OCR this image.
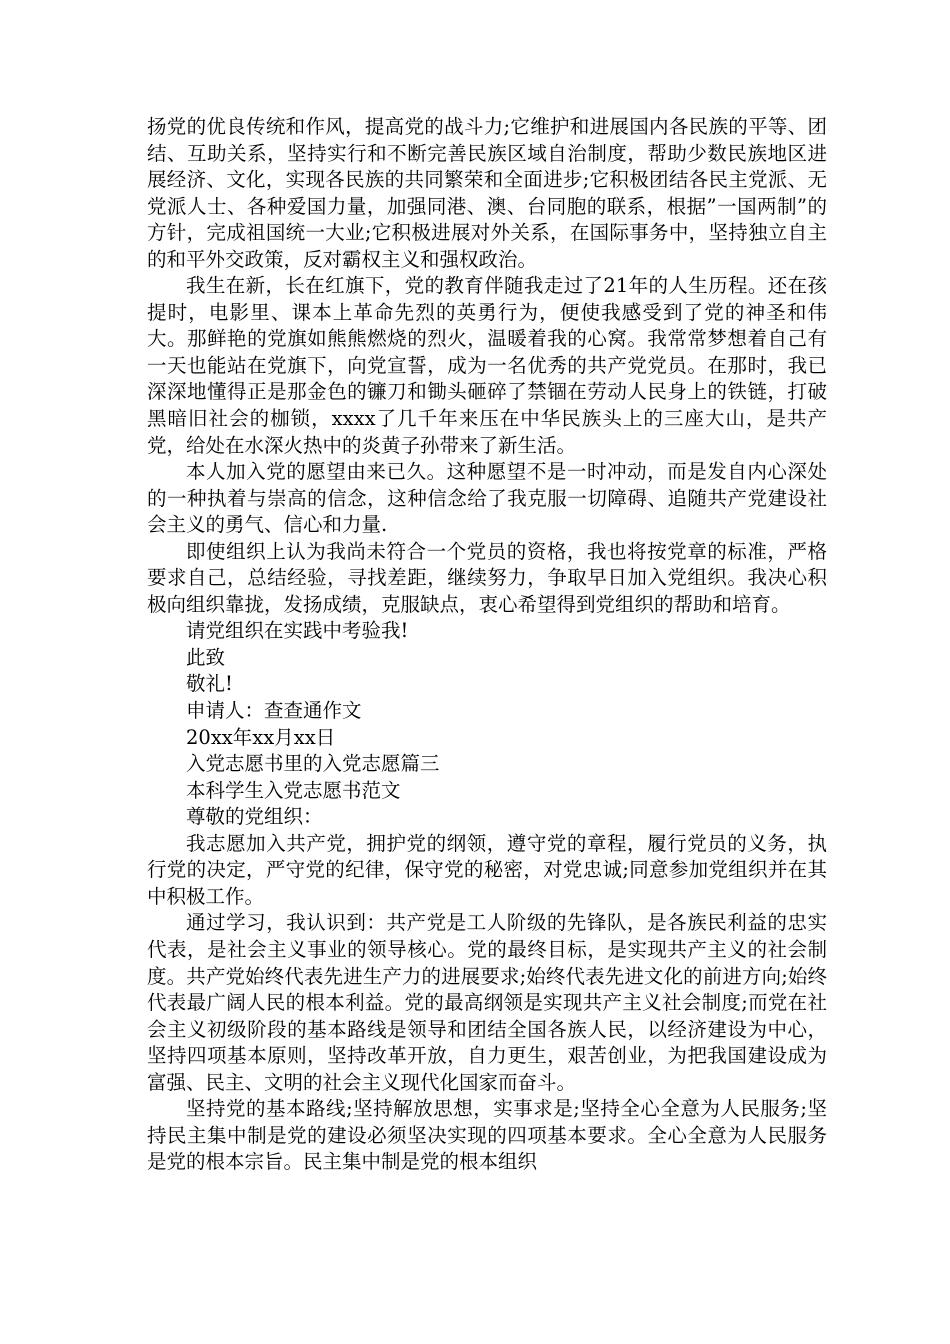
扬党的优良传统和作风，提高党的战斗力;它维护和进展国内各民族的平等、团结、互助关系，坚持实行和不断完善民族区域自治制度，帮助少数民族地区进展经济、文化，实现各民族的共同繁荣和全面进步;它积极团结各民主党派、无党派人士、各种爱国力量，加强同港、澳、台同胞的联系，根据”一国两制”的方针，完成祖国统一大业;它积极进展对外关系，在国际事务中，坚持独立自主的和平外交政策，反对霸权主义和强权政治。

我生在新，长在红旗下，党的教育伴随我走过了21年的人生历程。还在孩提时，电影里、课本上革命先烈的英勇行为，便使我感受到了党的神圣和伟大。那鲜艳的党旗如熊熊燃烧的烈火，温暖着我的心窝。我常常梦想着自己有一天也能站在党旗下，向党宣誓，成为一名优秀的共产党党员。在那时，我已深深地懂得正是那金色的镰刀和锄头砸碎了禁锢在劳动人民身上的铁链，打破黑暗旧社会的枷锁，xxxx了几千年来压在中华民族头上的三座大山，是共产党，给处在水深火热中的炎黄子孙带来了新生活。

本人加入党的愿望由来已久。这种愿望不是一时冲动，而是发自内心深处的一种执着与崇高的信念，这种信念给了我克服一切障碍、追随共产党建设社会主义的勇气、信心和力量.

即使组织上认为我尚未符合一个党员的资格，我也将按党章的标准，严格要求自己，总结经验，寻找差距，继续努力，争取早日加入党组织。我决心积极向组织靠拢，发扬成绩，克服缺点，衷心希望得到党组织的帮助和培育。

请党组织在实践中考验我!

此致

敬礼!

申请人：查查通作文

20xx年xx月xx日

入党志愿书里的入党志愿篇三

本科学生入党志愿书范文

尊敬的党组织：

我志愿加入共产党，拥护党的纲领，遵守党的章程，履行党员的义务，执行党的决定，严守党的纪律，保守党的秘密，对党忠诚;同意参加党组织并在其中积极工作。

通过学习，我认识到：共产党是工人阶级的先锋队，是各族民利益的忠实代表，是社会主义事业的领导核心。党的最终目标，是实现共产主义的社会制度。共产党始终代表先进生产力的进展要求;始终代表先进文化的前进方向;始终代表最广阔人民的根本利益。党的最高纲领是实现共产主义社会制度;而党在社会主义初级阶段的基本路线是领导和团结全国各族人民，以经济建设为中心，坚持四项基本原则，坚持改革开放，自力更生，艰苦创业，为把我国建设成为富强、民主、文明的社会主义现代化国家而奋斗。

坚持党的基本路线;坚持解放思想，实事求是;坚持全心全意为人民服务;坚持民主集中制是党的建设必须坚决实现的四项基本要求。全心全意为人民服务是党的根本宗旨。民主集中制是党的根本组织
